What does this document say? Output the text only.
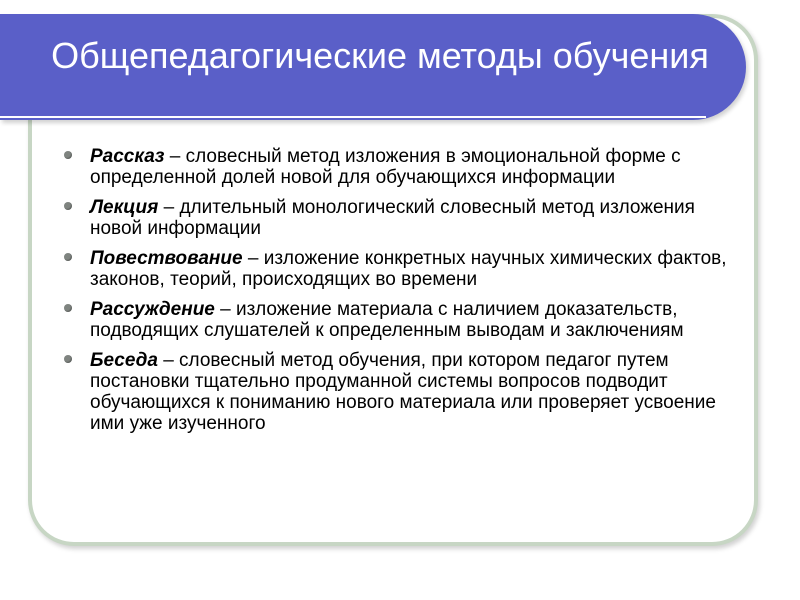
Общепедагогические методы обучения
Рассказ – словесный метод изложения в эмоциональной форме с определенной долей новой для обучающихся информации
Лекция – длительный монологический словесный метод изложения новой информации
Повествование – изложение конкретных научных химических фактов, законов, теорий, происходящих во времени
Рассуждение – изложение материала с наличием доказательств, подводящих слушателей к определенным выводам и заключениям
Беседа – словесный метод обучения, при котором педагог путем постановки тщательно продуманной системы вопросов подводит обучающихся к пониманию нового материала или проверяет усвоение ими уже изученного
